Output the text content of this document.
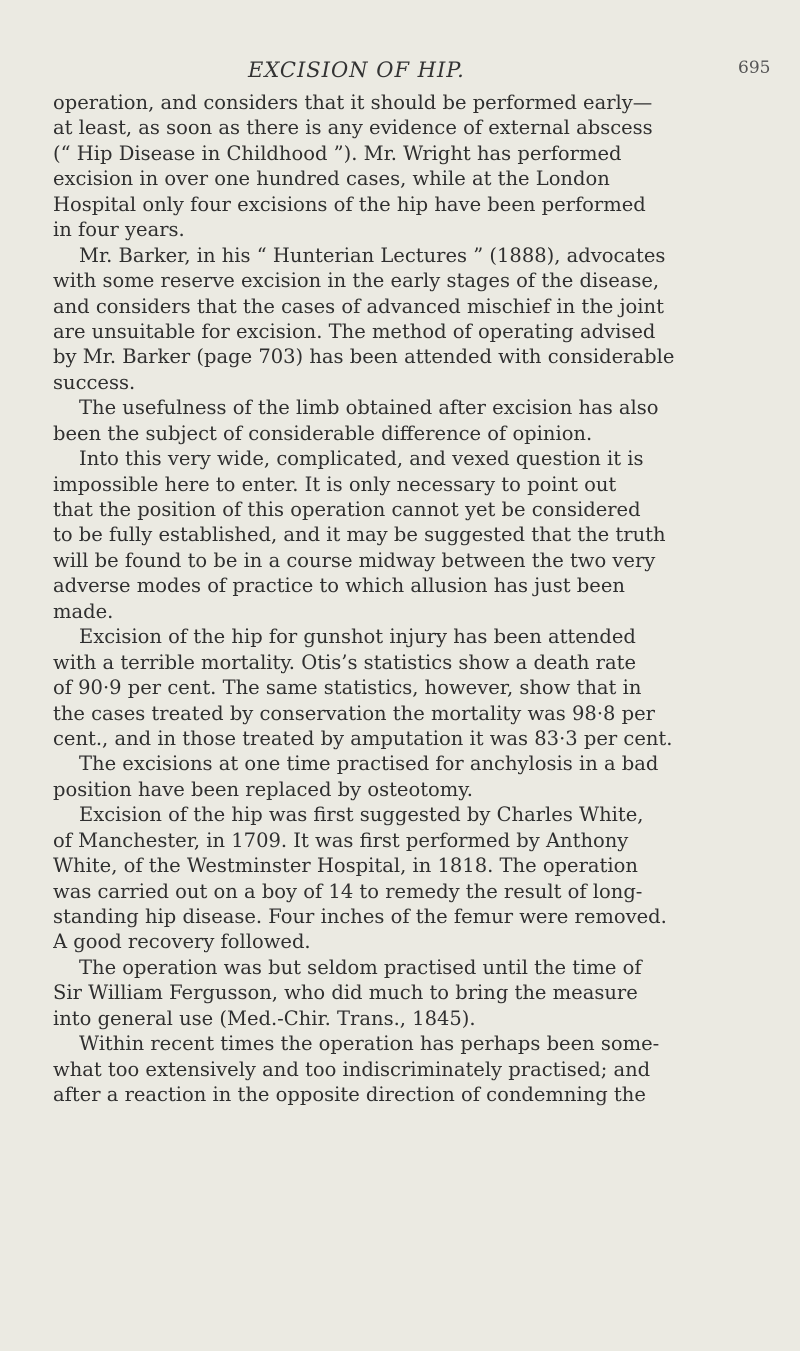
EXCISION OF HIP.	695
operation, and considers that it should be performed early—
at least, as soon as there is any evidence of external abscess
(“ Hip Disease in Childhood ”). Mr. Wright has performed
excision in over one hundred cases, while at the London
Hospital only four excisions of the hip have been performed
in four years.
Mr. Barker, in his “ Hunterian Lectures ” (1888), advocates
with some reserve excision in the early stages of the disease,
and considers that the cases of advanced mischief in the joint
are unsuitable for excision. The method of operating advised
by Mr. Barker (page 703) has been attended with considerable
success.
The usefulness of the limb obtained after excision has also
been the subject of considerable difference of opinion.
Into this very wide, complicated, and vexed question it is
impossible here to enter. It is only necessary to point out
that the position of this operation cannot yet be considered
to be fully established, and it may be suggested that the truth
will be found to be in a course midway between the two very
adverse modes of practice to which allusion has just been
made.
Excision of the hip for gunshot injury has been attended
with a terrible mortality. Otis’s statistics show a death rate
of 90·9 per cent. The same statistics, however, show that in
the cases treated by conservation the mortality was 98·8 per
cent., and in those treated by amputation it was 83·3 per cent.
The excisions at one time practised for anchylosis in a bad
position have been replaced by osteotomy.
Excision of the hip was first suggested by Charles White,
of Manchester, in 1709. It was first performed by Anthony
White, of the Westminster Hospital, in 1818. The operation
was carried out on a boy of 14 to remedy the result of long-
standing hip disease. Four inches of the femur were removed.
A good recovery followed.
The operation was but seldom practised until the time of
Sir William Fergusson, who did much to bring the measure
into general use (Med.-Chir. Trans., 1845).
Within recent times the operation has perhaps been some-
what too extensively and too indiscriminately practised; and
after a reaction in the opposite direction of condemning the
